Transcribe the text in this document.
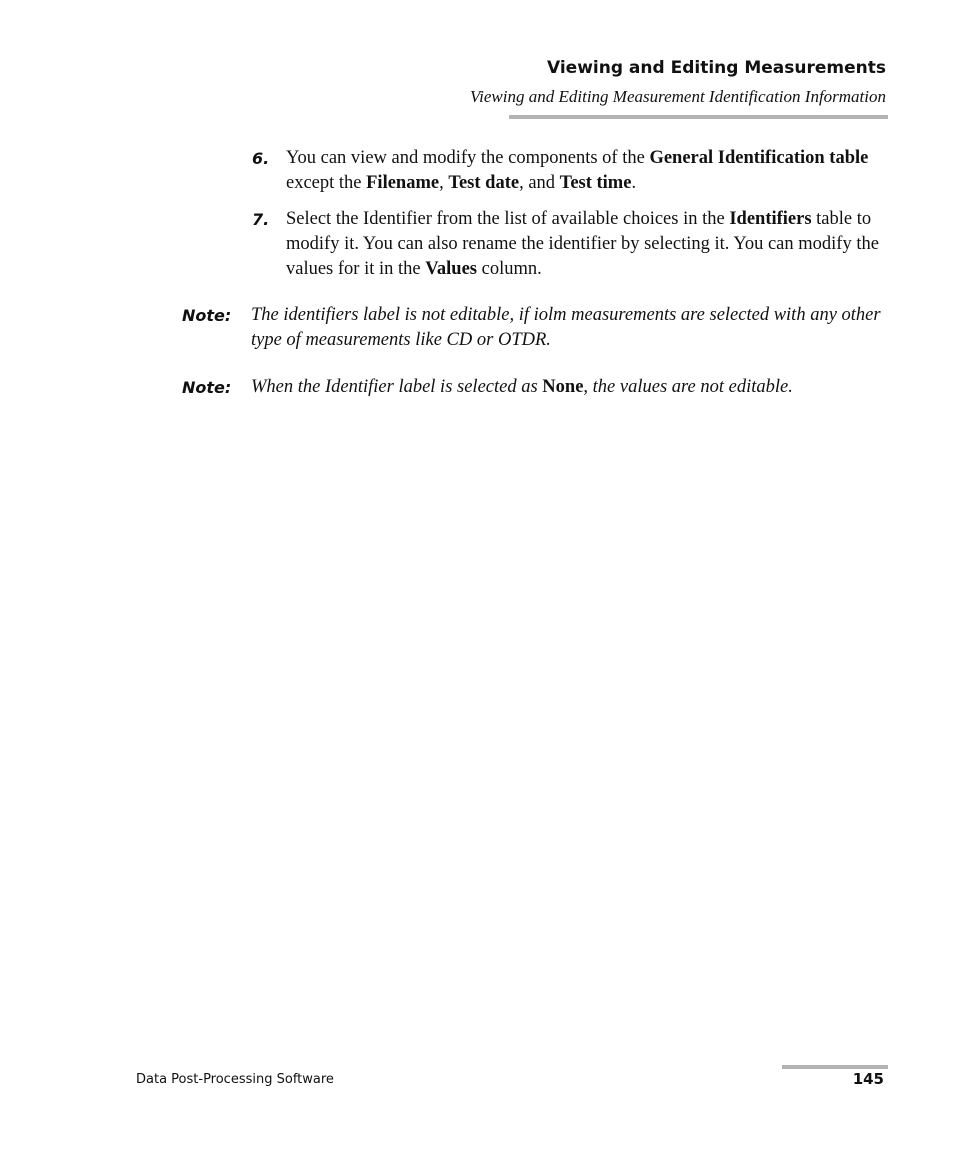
Viewing and Editing Measurements
Viewing and Editing Measurement Identification Information
6. You can view and modify the components of the General Identification table except the Filename, Test date, and Test time.
7. Select the Identifier from the list of available choices in the Identifiers table to modify it. You can also rename the identifier by selecting it. You can modify the values for it in the Values column.
Note: The identifiers label is not editable, if iolm measurements are selected with any other type of measurements like CD or OTDR.
Note: When the Identifier label is selected as None, the values are not editable.
Data Post-Processing Software	145
